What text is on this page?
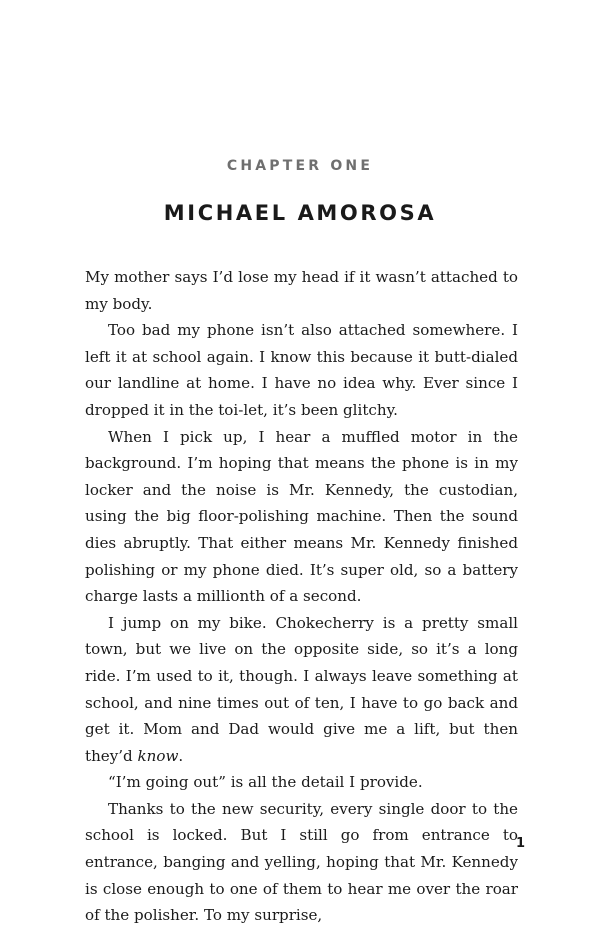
CHAPTER ONE
MICHAEL AMOROSA

My mother says I’d lose my head if it wasn’t attached to my body.

Too bad my phone isn’t also attached somewhere. I left it at school again. I know this because it butt-dialed our landline at home. I have no idea why. Ever since I dropped it in the toi-let, it’s been glitchy.

When I pick up, I hear a muffled motor in the background. I’m hoping that means the phone is in my locker and the noise is Mr. Kennedy, the custodian, using the big floor-polishing machine. Then the sound dies abruptly. That either means Mr. Kennedy finished polishing or my phone died. It’s super old, so a battery charge lasts a millionth of a second.

I jump on my bike. Chokecherry is a pretty small town, but we live on the opposite side, so it’s a long ride. I’m used to it, though. I always leave something at school, and nine times out of ten, I have to go back and get it. Mom and Dad would give me a lift, but then they’d know.

“I’m going out” is all the detail I provide.

Thanks to the new security, every single door to the school is locked. But I still go from entrance to entrance, banging and yelling, hoping that Mr. Kennedy is close enough to one of them to hear me over the roar of the polisher. To my surprise,

1
